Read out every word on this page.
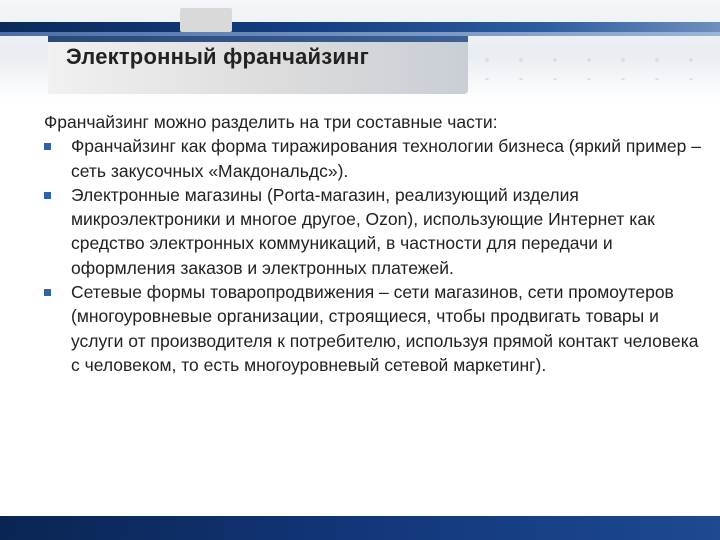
Электронный франчайзинг

Франчайзинг можно разделить на три составные части:

Франчайзинг как форма тиражирования технологии бизнеса (яркий пример – сеть закусочных «Макдональдс»).
Электронные магазины (Porta-магазин, реализующий изделия микроэлектроники и многое другое, Ozon), использующие Интернет как средство электронных коммуникаций, в частности для передачи и оформления заказов и электронных платежей.
Сетевые формы товаропродвижения – сети магазинов, сети промоутеров (многоуровневые организации, строящиеся, чтобы продвигать товары и услуги от производителя к потребителю, используя прямой контакт человека с человеком, то есть многоуровневый сетевой маркетинг).
